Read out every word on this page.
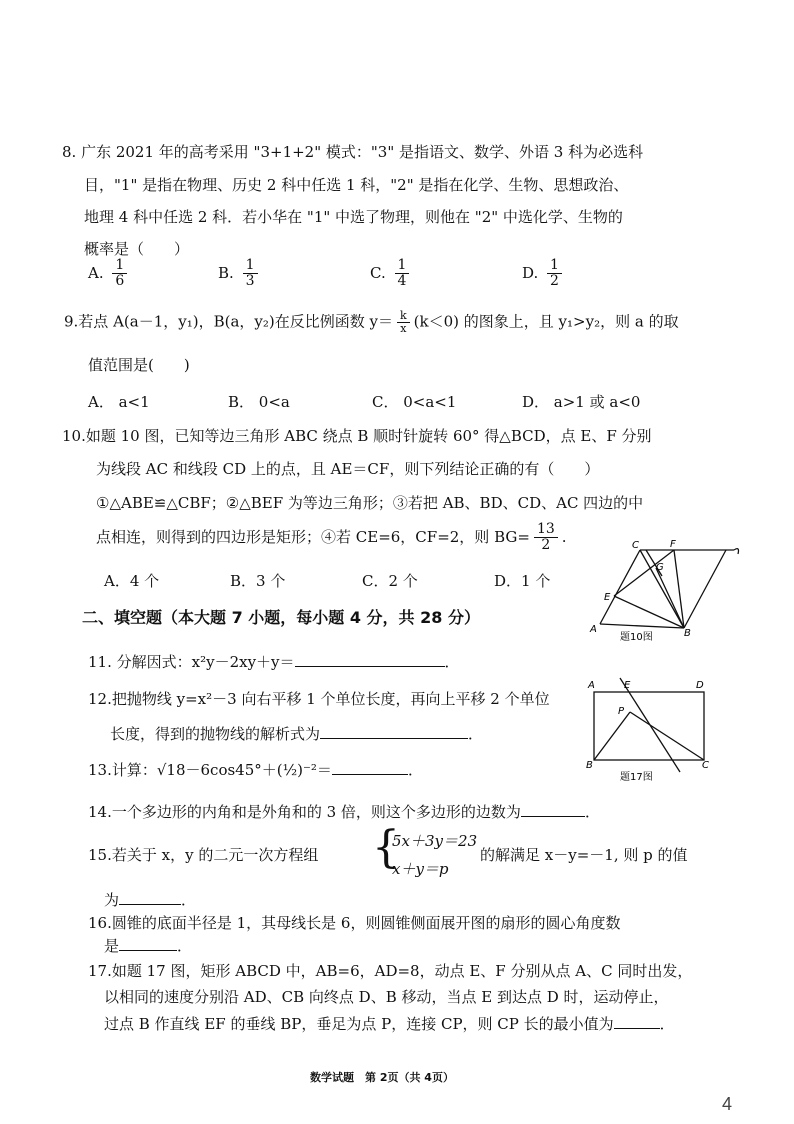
8. 广东 2021 年的高考采用 "3+1+2" 模式："3" 是指语文、数学、外语 3 科为必选科
目，"1" 是指在物理、历史 2 科中任选 1 科，"2" 是指在化学、生物、思想政治、
地理 4 科中任选 2 科．若小华在 "1" 中选了物理，则他在 "2" 中选化学、生物的
概率是（　　）
A. $\frac{1}{6}$	B. $\frac{1}{3}$	C. $\frac{1}{4}$	D. $\frac{1}{2}$
9.若点 A(a－1，y₁)，B(a，y₂)在反比例函数 $y= \frac{k}{x} (k<0)$ 的图象上，且 y₁>y₂，则 a 的取
值范围是(　　)
A． a<1	B． 0<a	C． 0<a<1	D． a>1 或 a<0
10.如题 10 图，已知等边三角形 ABC 绕点 B 顺时针旋转 60° 得△BCD，点 E、F 分别
为线段 AC 和线段 CD 上的点，且 AE＝CF，则下列结论正确的有（　　）
①△ABE≌△CBF；②△BEF 为等边三角形；③若把 AB、BD、CD、AC 四边的中
点相连，则得到的四边形是矩形；④若 CE=6，CF=2，则 $BG= \frac{13}{2}$ .
A．4 个	B．3 个	C．2 个	D．1 个
C	F
G
E
A	B
题10图
二、填空题（本大题 7 小题，每小题 4 分，共 28 分）
11. 分解因式：x²y－2xy＋y＝	．
12.把抛物线 y=x²－3 向右平移 1 个单位长度，再向上平移 2 个单位
长度，得到的抛物线的解析式为	．
A	E	D
P
B	C
题17图
13.计算：√18－6cos45°＋(½)⁻²＝	．
14.一个多边形的内角和是外角和的 3 倍，则这个多边形的边数为	．
15.若关于 x，y 的二元一次方程组 {
5x＋3y＝23
x＋y＝p
的解满足 x－y=－1, 则 p 的值
为	．
16.圆锥的底面半径是 1，其母线长是 6，则圆锥侧面展开图的扇形的圆心角度数
是	．
17.如题 17 图，矩形 ABCD 中，AB=6，AD=8，动点 E、F 分别从点 A、C 同时出发，
以相同的速度分别沿 AD、CB 向终点 D、B 移动，当点 E 到达点 D 时，运动停止，
过点 B 作直线 EF 的垂线 BP，垂足为点 P，连接 CP，则 CP 长的最小值为	．
数学试题　第 2页（共 4页）
4
